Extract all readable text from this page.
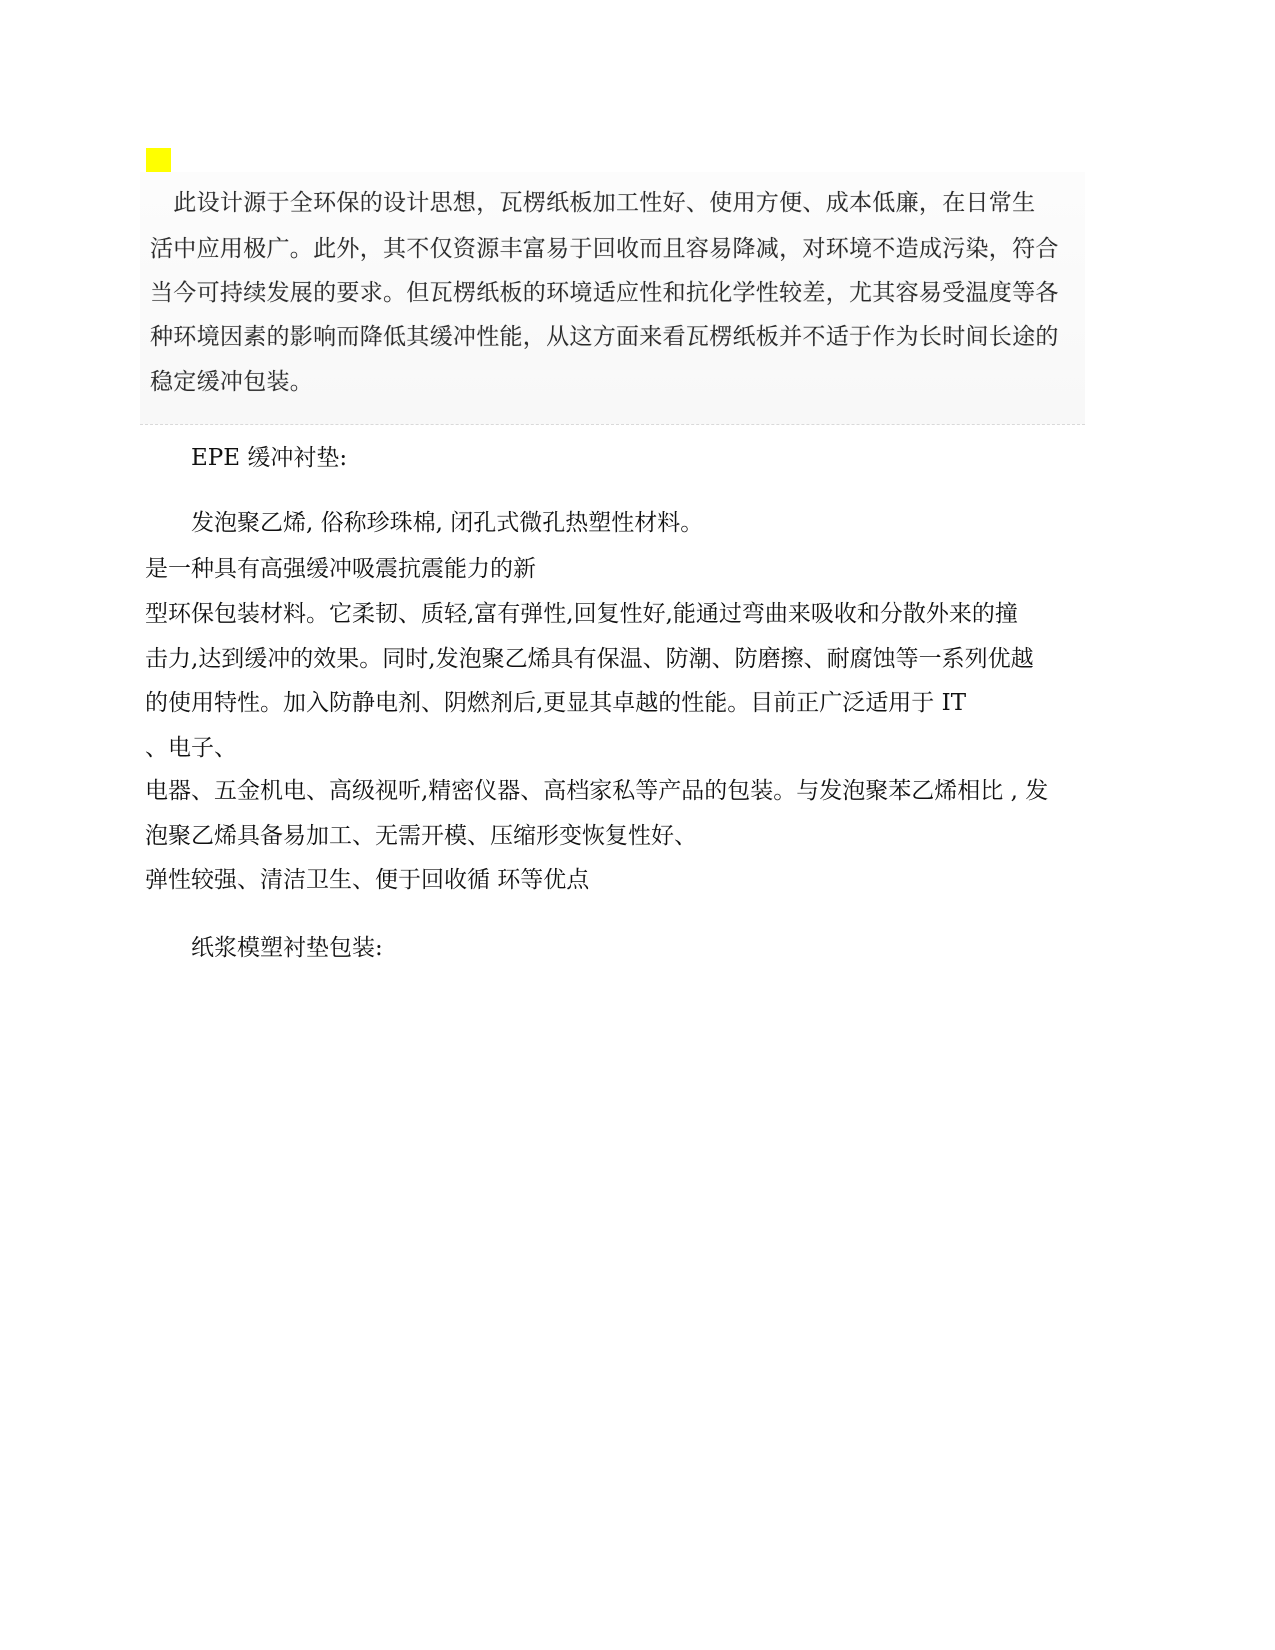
　此设计源于全环保的设计思想，瓦楞纸板加工性好、使用方便、成本低廉，在日常生
活中应用极广。此外，其不仅资源丰富易于回收而且容易降减，对环境不造成污染，符合
当今可持续发展的要求。但瓦楞纸板的环境适应性和抗化学性较差，尤其容易受温度等各
种环境因素的影响而降低其缓冲性能，从这方面来看瓦楞纸板并不适于作为长时间长途的
稳定缓冲包装。
EPE 缓冲衬垫:
发泡聚乙烯, 俗称珍珠棉, 闭孔式微孔热塑性材料。
是一种具有高强缓冲吸震抗震能力的新
型环保包装材料。它柔韧、质轻,富有弹性,回复性好,能通过弯曲来吸收和分散外来的撞
击力,达到缓冲的效果。同时,发泡聚乙烯具有保温、防潮、防磨擦、耐腐蚀等一系列优越
的使用特性。加入防静电剂、阴燃剂后,更显其卓越的性能。目前正广泛适用于 IT
、电子、
电器、五金机电、高级视听,精密仪器、高档家私等产品的包装。与发泡聚苯乙烯相比 , 发
泡聚乙烯具备易加工、无需开模、压缩形变恢复性好、
弹性较强、清洁卫生、便于回收循 环等优点
纸浆模塑衬垫包装:
